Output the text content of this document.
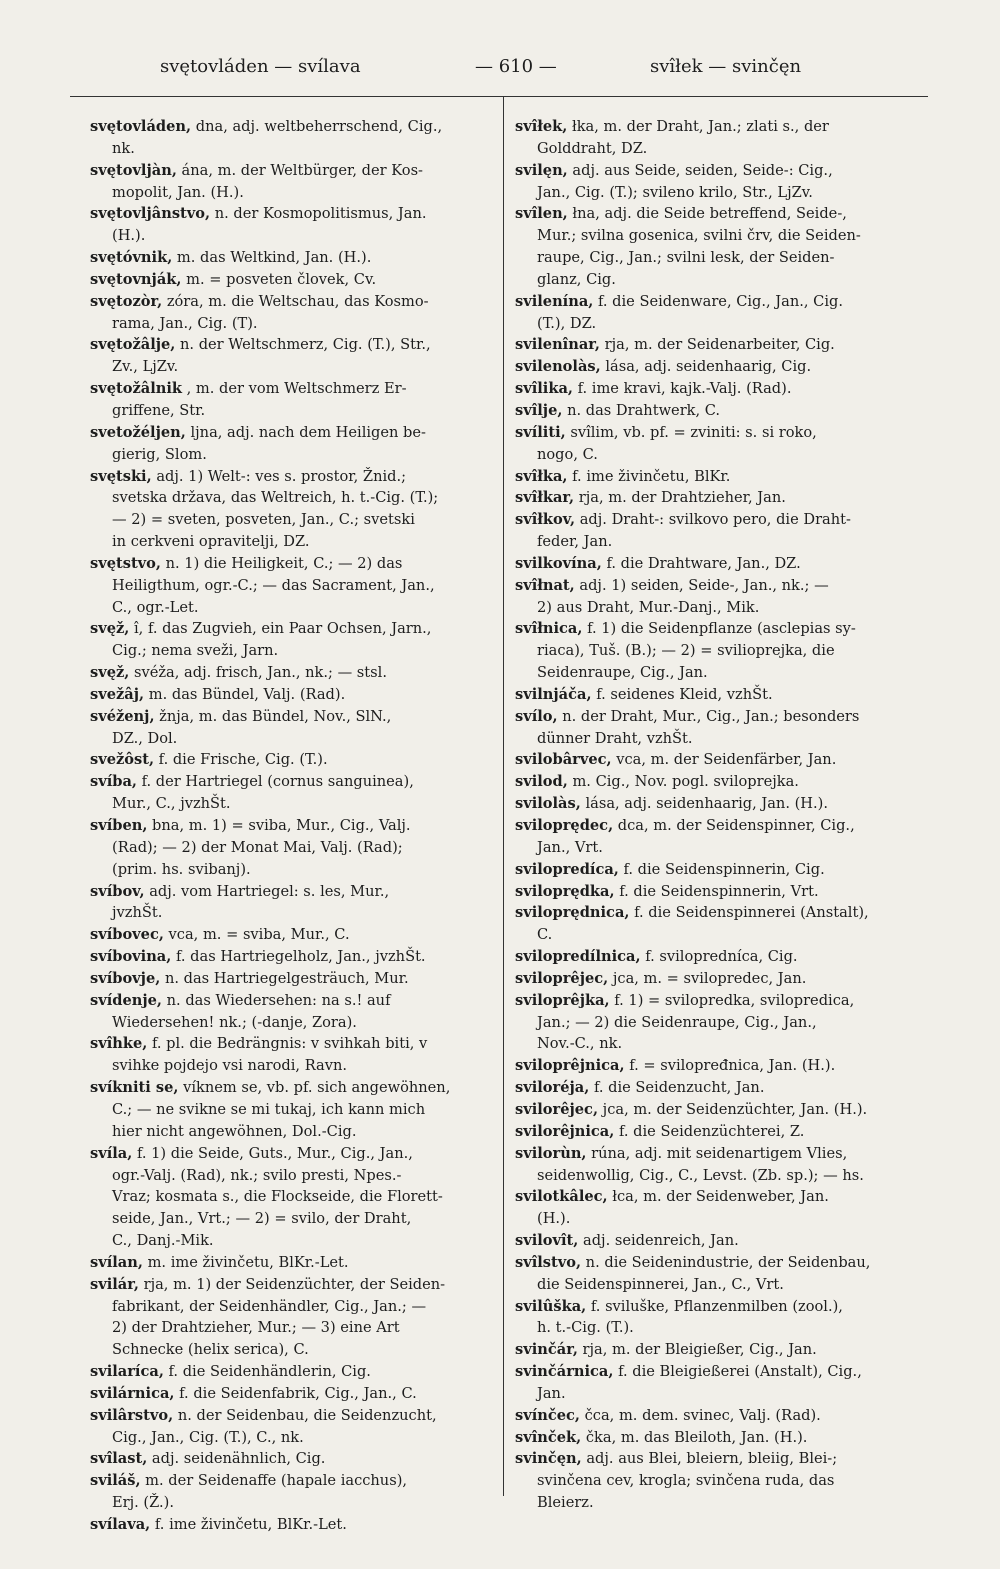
svętovláden — svílava	— 610 —	svîłek — svinčęn
svętovláden, dna, adj. weltbeherrschend, Cig.,
nk.
svętovljàn, ána, m. der Weltbürger, der Kos-
mopolit, Jan. (H.).
svętovljânstvo, n. der Kosmopolitismus, Jan.
(H.).
svętóvnik, m. das Weltkind, Jan. (H.).
svętovnják, m. = posveten človek, Cv.
svętozòr, zóra, m. die Weltschau, das Kosmo-
rama, Jan., Cig. (T).
svętožâlje, n. der Weltschmerz, Cig. (T.), Str.,
Zv., LjZv.
svętožâlnik , m. der vom Weltschmerz Er-
griffene, Str.
svetožéljen, ljna, adj. nach dem Heiligen be-
gierig, Slom.
svętski, adj. 1) Welt-: ves s. prostor, Žnid.;
svetska država, das Weltreich, h. t.-Cig. (T.);
— 2) = sveten, posveten, Jan., C.; svetski
in cerkveni opravitelji, DZ.
svętstvo, n. 1) die Heiligkeit, C.; — 2) das
Heiligthum, ogr.-C.; — das Sacrament, Jan.,
C., ogr.-Let.
svęž, î, f. das Zugvieh, ein Paar Ochsen, Jarn.,
Cig.; nema sveži, Jarn.
svęž, svéža, adj. frisch, Jan., nk.; — stsl.
svežâj, m. das Bündel, Valj. (Rad).
svéženj, žnja, m. das Bündel, Nov., SlN.,
DZ., Dol.
svežôst, f. die Frische, Cig. (T.).
svíba, f. der Hartriegel (cornus sanguinea),
Mur., C., jvzhŠt.
svíben, bna, m. 1) = sviba, Mur., Cig., Valj.
(Rad); — 2) der Monat Mai, Valj. (Rad);
(prim. hs. svibanj).
svíbov, adj. vom Hartriegel: s. les, Mur.,
jvzhŠt.
svíbovec, vca, m. = sviba, Mur., C.
svíbovina, f. das Hartriegelholz, Jan., jvzhŠt.
svíbovje, n. das Hartriegelgesträuch, Mur.
svídenje, n. das Wiedersehen: na s.! auf
Wiedersehen! nk.; (-danje, Zora).
svîhke, f. pl. die Bedrängnis: v svihkah biti, v
svihke pojdejo vsi narodi, Ravn.
svíkniti se, víknem se, vb. pf. sich angewöhnen,
C.; — ne svikne se mi tukaj, ich kann mich
hier nicht angewöhnen, Dol.-Cig.
svíla, f. 1) die Seide, Guts., Mur., Cig., Jan.,
ogr.-Valj. (Rad), nk.; svilo presti, Npes.-
Vraz; kosmata s., die Flockseide, die Florett-
seide, Jan., Vrt.; — 2) = svilo, der Draht,
C., Danj.-Mik.
svílan, m. ime živinčetu, BlKr.-Let.
svilár, rja, m. 1) der Seidenzüchter, der Seiden-
fabrikant, der Seidenhändler, Cig., Jan.; —
2) der Drahtzieher, Mur.; — 3) eine Art
Schnecke (helix serica), C.
svilaríca, f. die Seidenhändlerin, Cig.
svilárnica, f. die Seidenfabrik, Cig., Jan., C.
svilârstvo, n. der Seidenbau, die Seidenzucht,
Cig., Jan., Cig. (T.), C., nk.
svîlast, adj. seidenähnlich, Cig.
sviláš, m. der Seidenaffe (hapale iacchus),
Erj. (Ž.).
svílava, f. ime živinčetu, BlKr.-Let.
svîłek, łka, m. der Draht, Jan.; zlati s., der
Golddraht, DZ.
svilęn, adj. aus Seide, seiden, Seide-: Cig.,
Jan., Cig. (T.); svileno krilo, Str., LjZv.
svîlen, łna, adj. die Seide betreffend, Seide-,
Mur.; svilna gosenica, svilni črv, die Seiden-
raupe, Cig., Jan.; svilni lesk, der Seiden-
glanz, Cig.
svilenína, f. die Seidenware, Cig., Jan., Cig.
(T.), DZ.
svilenînar, rja, m. der Seidenarbeiter, Cig.
svilenolàs, lása, adj. seidenhaarig, Cig.
svîlika, f. ime kravi, kajk.-Valj. (Rad).
svîlje, n. das Drahtwerk, C.
svíliti, svîlim, vb. pf. = zviniti: s. si roko,
nogo, C.
svîłka, f. ime živinčetu, BlKr.
svîłkar, rja, m. der Drahtzieher, Jan.
svîłkov, adj. Draht-: svilkovo pero, die Draht-
feder, Jan.
svilkovína, f. die Drahtware, Jan., DZ.
svîłnat, adj. 1) seiden, Seide-, Jan., nk.; —
2) aus Draht, Mur.-Danj., Mik.
svîłnica, f. 1) die Seidenpflanze (asclepias sy-
riaca), Tuš. (B.); — 2) = svilioprejka, die
Seidenraupe, Cig., Jan.
svilnjáča, f. seidenes Kleid, vzhŠt.
svílo, n. der Draht, Mur., Cig., Jan.; besonders
dünner Draht, vzhŠt.
svilobârvec, vca, m. der Seidenfärber, Jan.
svilod, m. Cig., Nov. pogl. sviloprejka.
svilolàs, lása, adj. seidenhaarig, Jan. (H.).
sviloprędec, dca, m. der Seidenspinner, Cig.,
Jan., Vrt.
svilopredíca, f. die Seidenspinnerin, Cig.
sviloprędka, f. die Seidenspinnerin, Vrt.
sviloprędnica, f. die Seidenspinnerei (Anstalt),
C.
svilopredílnica, f. svilopredníca, Cig.
sviloprêjec, jca, m. = svilopredec, Jan.
sviloprêjka, f. 1) = svilopredka, svilopredica,
Jan.; — 2) die Seidenraupe, Cig., Jan.,
Nov.-C., nk.
sviloprêjnica, f. = svilopređnica, Jan. (H.).
sviloréja, f. die Seidenzucht, Jan.
svilorêjec, jca, m. der Seidenzüchter, Jan. (H.).
svilorêjnica, f. die Seidenzüchterei, Z.
svilorùn, rúna, adj. mit seidenartigem Vlies,
seidenwollig, Cig., C., Levst. (Zb. sp.); — hs.
svilotkâlec, łca, m. der Seidenweber, Jan.
(H.).
svilovît, adj. seidenreich, Jan.
svîlstvo, n. die Seidenindustrie, der Seidenbau,
die Seidenspinnerei, Jan., C., Vrt.
svilûška, f. sviluške, Pflanzenmilben (zool.),
h. t.-Cig. (T.).
svinčár, rja, m. der Bleigießer, Cig., Jan.
svinčárnica, f. die Bleigießerei (Anstalt), Cig.,
Jan.
svínčec, čca, m. dem. svinec, Valj. (Rad).
svînček, čka, m. das Bleiloth, Jan. (H.).
svinčęn, adj. aus Blei, bleiern, bleiig, Blei-;
svinčena cev, krogla; svinčena ruda, das
Bleierz.
